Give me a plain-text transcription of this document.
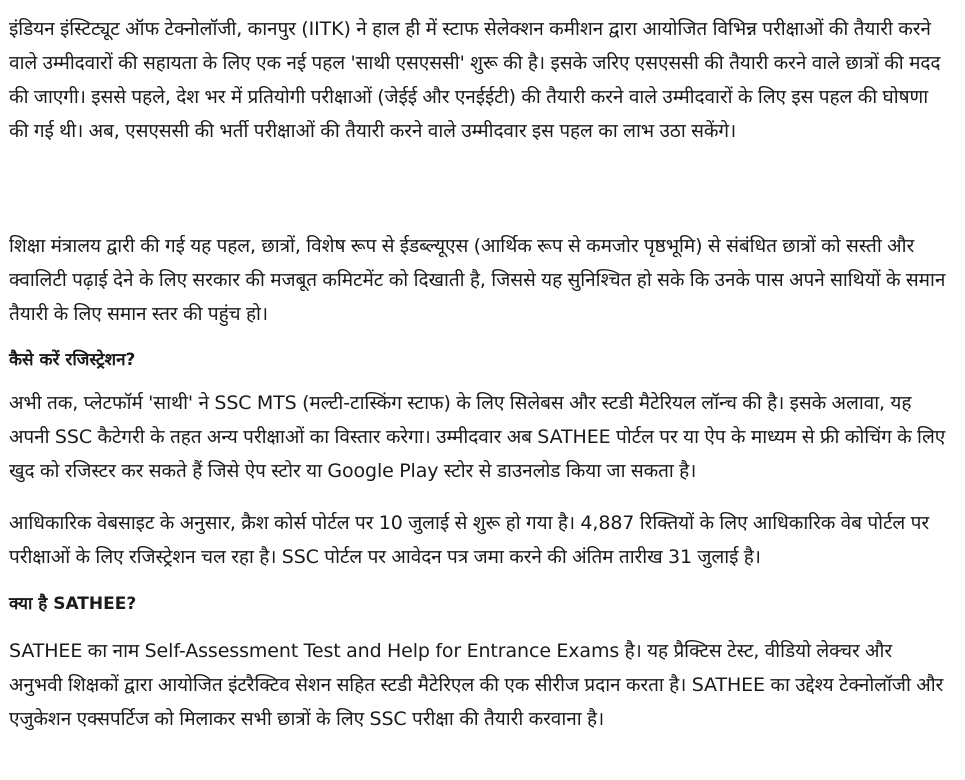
इंडियन इंस्टिट्यूट ऑफ टेक्नोलॉजी, कानपुर (IITK) ने हाल ही में स्टाफ सेलेक्शन कमीशन द्वारा आयोजित विभिन्न परीक्षाओं की तैयारी करने वाले उम्मीदवारों की सहायता के लिए एक नई पहल 'साथी एसएससी' शुरू की है। इसके जरिए एसएससी की तैयारी करने वाले छात्रों की मदद की जाएगी। इससे पहले, देश भर में प्रतियोगी परीक्षाओं (जेईई और एनईईटी) की तैयारी करने वाले उम्मीदवारों के लिए इस पहल की घोषणा की गई थी। अब, एसएससी की भर्ती परीक्षाओं की तैयारी करने वाले उम्मीदवार इस पहल का लाभ उठा सकेंगे।

शिक्षा मंत्रालय द्वारी की गई यह पहल, छात्रों, विशेष रूप से ईडब्ल्यूएस (आर्थिक रूप से कमजोर पृष्ठभूमि) से संबंधित छात्रों को सस्ती और क्वालिटी पढ़ाई देने के लिए सरकार की मजबूत कमिटमेंट को दिखाती है, जिससे यह सुनिश्चित हो सके कि उनके पास अपने साथियों के समान तैयारी के लिए समान स्तर की पहुंच हो।

कैसे करें रजिस्ट्रेशन?

अभी तक, प्लेटफॉर्म 'साथी' ने SSC MTS (मल्टी-टास्किंग स्टाफ) के लिए सिलेबस और स्टडी मैटेरियल लॉन्च की है। इसके अलावा, यह अपनी SSC कैटेगरी के तहत अन्य परीक्षाओं का विस्तार करेगा। उम्मीदवार अब SATHEE पोर्टल पर या ऐप के माध्यम से फ्री कोचिंग के लिए खुद को रजिस्टर कर सकते हैं जिसे ऐप स्टोर या Google Play स्टोर से डाउनलोड किया जा सकता है।

आधिकारिक वेबसाइट के अनुसार, क्रैश कोर्स पोर्टल पर 10 जुलाई से शुरू हो गया है। 4,887 रिक्तियों के लिए आधिकारिक वेब पोर्टल पर परीक्षाओं के लिए रजिस्ट्रेशन चल रहा है। SSC पोर्टल पर आवेदन पत्र जमा करने की अंतिम तारीख 31 जुलाई है।

क्या है SATHEE?

SATHEE का नाम Self-Assessment Test and Help for Entrance Exams है। यह प्रैक्टिस टेस्ट, वीडियो लेक्चर और अनुभवी शिक्षकों द्वारा आयोजित इंटरैक्टिव सेशन सहित स्टडी मैटेरिएल की एक सीरीज प्रदान करता है। SATHEE का उद्देश्य टेक्नोलॉजी और एजुकेशन एक्सपर्टिज को मिलाकर सभी छात्रों के लिए SSC परीक्षा की तैयारी करवाना है।
